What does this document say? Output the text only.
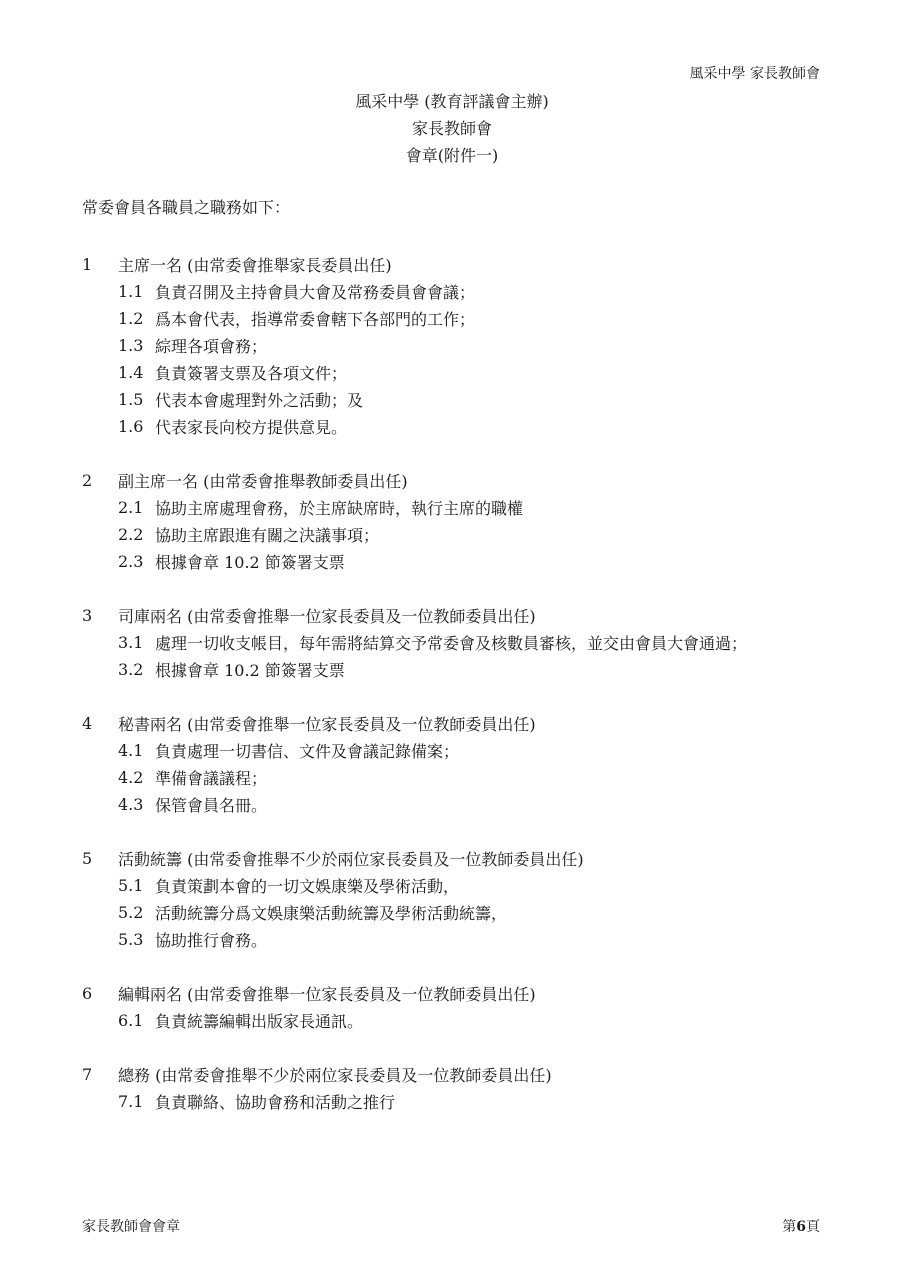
風采中學 家長教師會
風采中學 (教育評議會主辦)
家長教師會
會章(附件一)
常委會員各職員之職務如下：
1	主席一名 (由常委會推舉家長委員出任)
1.1 負責召開及主持會員大會及常務委員會會議；
1.2 爲本會代表，指導常委會轄下各部門的工作；
1.3 綜理各項會務；
1.4 負責簽署支票及各項文件；
1.5 代表本會處理對外之活動；及
1.6 代表家長向校方提供意見。
2	副主席一名 (由常委會推舉教師委員出任)
2.1 協助主席處理會務，於主席缺席時，執行主席的職權
2.2 協助主席跟進有關之決議事項；
2.3 根據會章 10.2 節簽署支票
3	司庫兩名 (由常委會推舉一位家長委員及一位教師委員出任)
3.1 處理一切收支帳目，每年需將結算交予常委會及核數員審核，並交由會員大會通過；
3.2 根據會章 10.2 節簽署支票
4	秘書兩名 (由常委會推舉一位家長委員及一位教師委員出任)
4.1 負責處理一切書信、文件及會議記錄備案；
4.2 準備會議議程；
4.3 保管會員名冊。
5	活動統籌 (由常委會推舉不少於兩位家長委員及一位教師委員出任)
5.1 負責策劃本會的一切文娛康樂及學術活動，
5.2 活動統籌分爲文娛康樂活動統籌及學術活動統籌，
5.3 協助推行會務。
6	編輯兩名 (由常委會推舉一位家長委員及一位教師委員出任)
6.1 負責統籌編輯出版家長通訊。
7	總務 (由常委會推舉不少於兩位家長委員及一位教師委員出任)
7.1 負責聯絡、協助會務和活動之推行
家長教師會會章	第6頁
